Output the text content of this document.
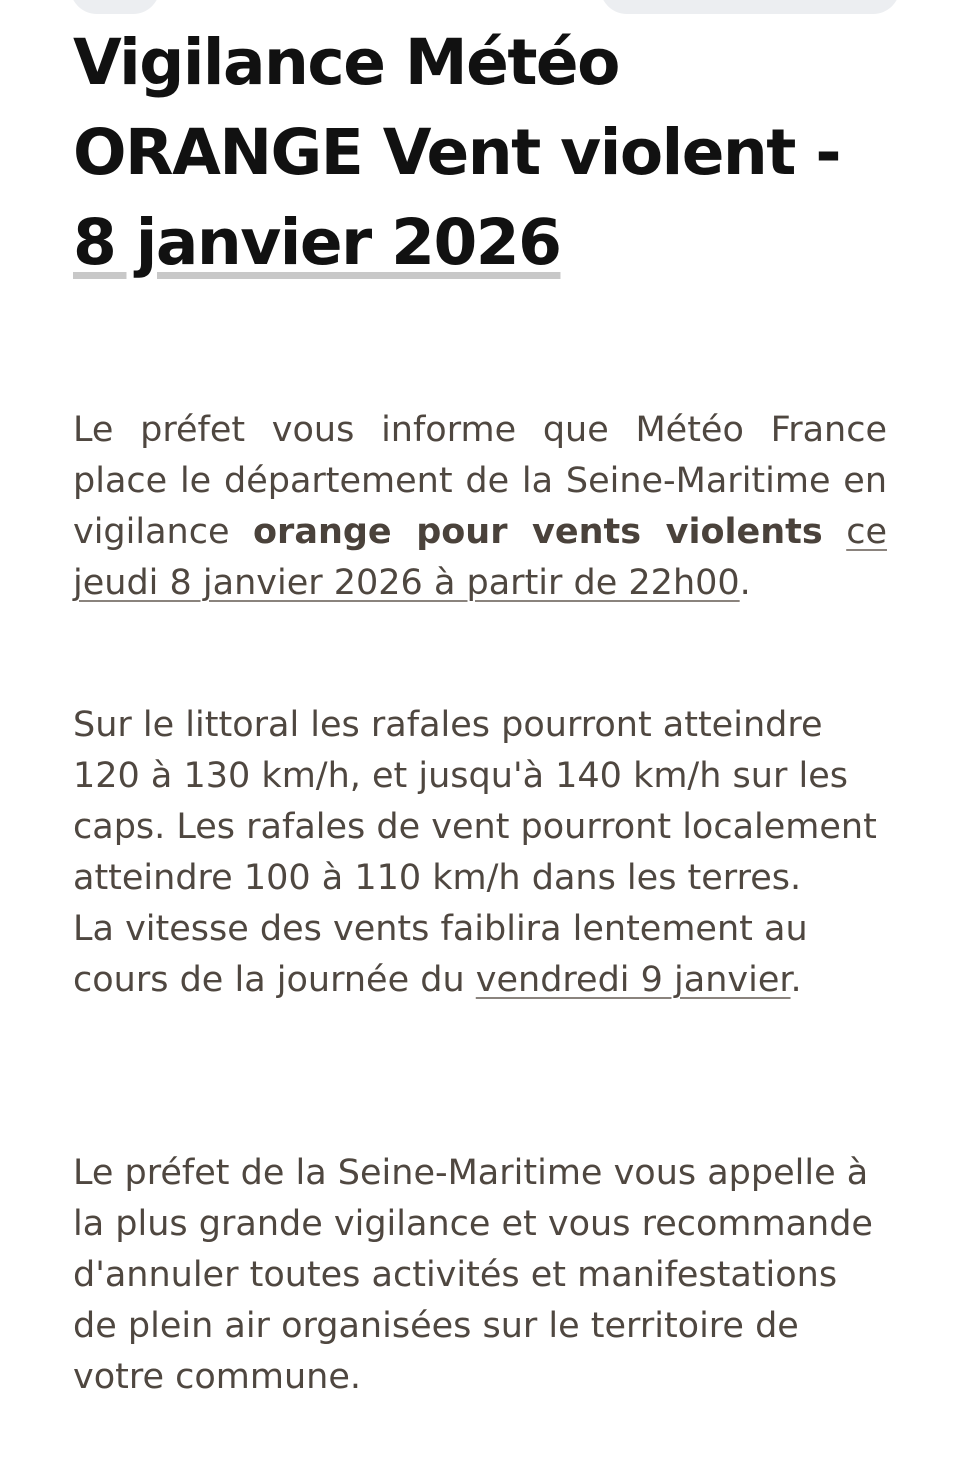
Vigilance Météo
ORANGE Vent violent -
8 janvier 2026

Le préfet vous informe que Météo France place le département de la Seine-Maritime en vigilance orange pour vents violents ce jeudi 8 janvier 2026 à partir de 22h00.

Sur le littoral les rafales pourront atteindre 120 à 130 km/h, et jusqu'à 140 km/h sur les caps. Les rafales de vent pourront localement atteindre 100 à 110 km/h dans les terres.
La vitesse des vents faiblira lentement au cours de la journée du vendredi 9 janvier.

Le préfet de la Seine-Maritime vous appelle à la plus grande vigilance et vous recommande d'annuler toutes activités et manifestations de plein air organisées sur le territoire de votre commune.
